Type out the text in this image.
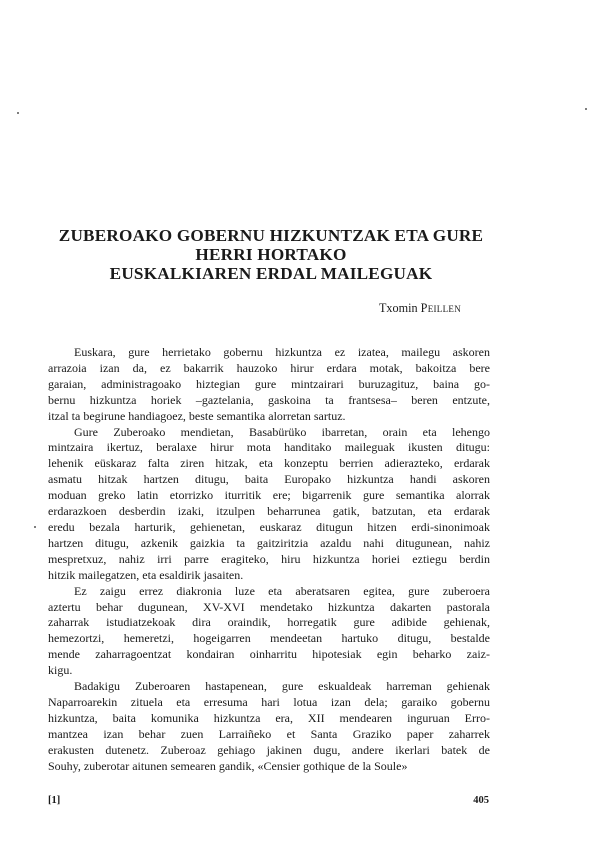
ZUBEROAKO GOBERNU HIZKUNTZAK ETA GURE
HERRI HORTAKO
EUSKALKIAREN ERDAL MAILEGUAK
Txomin Peillen
Euskara, gure herrietako gobernu hizkuntza ez izatea, mailegu askoren
arrazoia izan da, ez bakarrik hauzoko hirur erdara motak, bakoitza bere
garaian, administragoako hiztegian gure mintzairari buruzagituz, baina go-
bernu hizkuntza horiek –gaztelania, gaskoina ta frantsesa– beren entzute,
itzal ta begirune handiagoez, beste semantika alorretan sartuz.
Gure Zuberoako mendietan, Basabürüko ibarretan, orain eta lehengo
mintzaira ikertuz, beralaxe hirur mota handitako maileguak ikusten ditugu:
lehenik eüskaraz falta ziren hitzak, eta konzeptu berrien adierazteko, erdarak
asmatu hitzak hartzen ditugu, baita Europako hizkuntza handi askoren
moduan greko latin etorrizko iturritik ere; bigarrenik gure semantika alorrak
erdarazkoen desberdin izaki, itzulpen beharrunea gatik, batzutan, eta erdarak
eredu bezala harturik, gehienetan, euskaraz ditugun hitzen erdi-sinonimoak
hartzen ditugu, azkenik gaizkia ta gaitziritzia azaldu nahi ditugunean, nahiz
mespretxuz, nahiz irri parre eragiteko, hiru hizkuntza horiei eztiegu berdin
hitzik mailegatzen, eta esaldirik jasaiten.
Ez zaigu errez diakronia luze eta aberatsaren egitea, gure zuberoera
aztertu behar dugunean, XV-XVI mendetako hizkuntza dakarten pastorala
zaharrak istudiatzekoak dira oraindik, horregatik gure adibide gehienak,
hemezortzi, hemeretzi, hogeigarren mendeetan hartuko ditugu, bestalde
mende zaharragoentzat kondairan oinharritu hipotesiak egin beharko zaiz-
kigu.
Badakigu Zuberoaren hastapenean, gure eskualdeak harreman gehienak
Naparroarekin zituela eta erresuma hari lotua izan dela; garaiko gobernu
hizkuntza, baita komunika hizkuntza era, XII mendearen inguruan Erro-
mantzea izan behar zuen Larraiñeko et Santa Graziko paper zaharrek
erakusten dutenetz. Zuberoaz gehiago jakinen dugu, andere ikerlari batek de
Souhy, zuberotar aitunen semearen gandik, «Censier gothique de la Soule»
[1]	405
